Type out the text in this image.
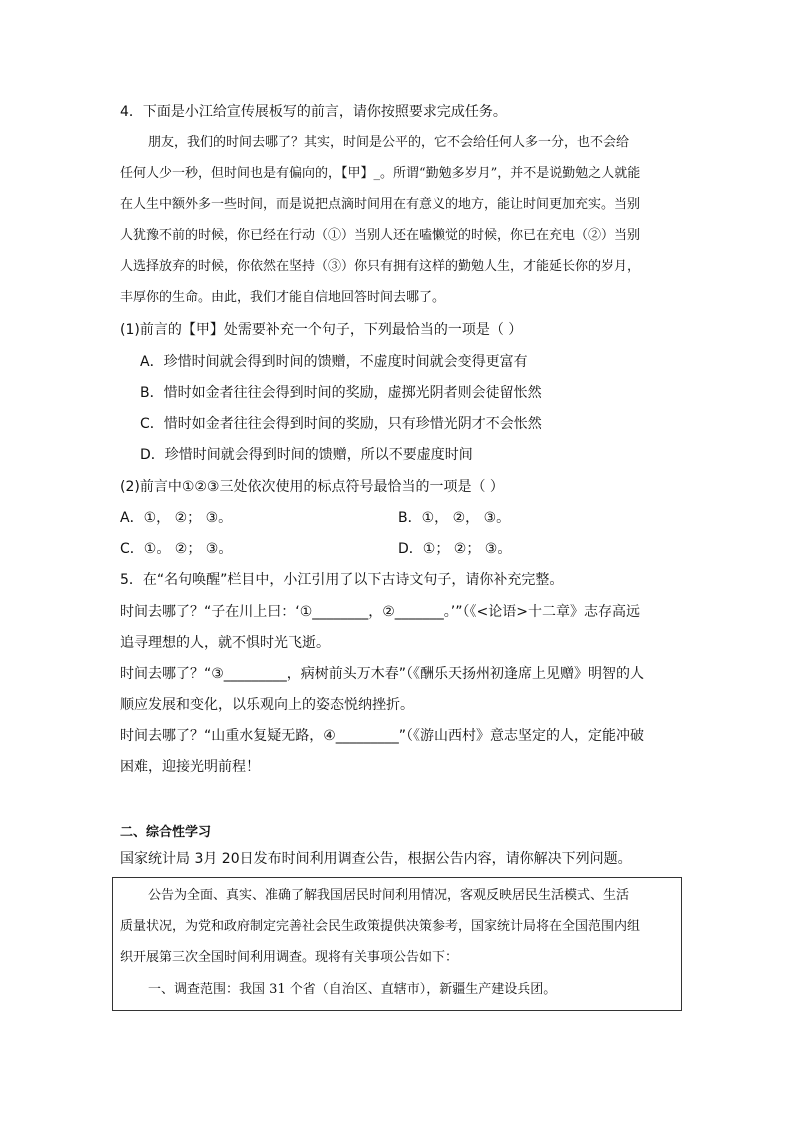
4．下面是小江给宣传展板写的前言，请你按照要求完成任务。
朋友，我们的时间去哪了？其实，时间是公平的，它不会给任何人多一分，也不会给
任何人少一秒，但时间也是有偏向的，【甲】_。所谓“勤勉多岁月”，并不是说勤勉之人就能
在人生中额外多一些时间，而是说把点滴时间用在有意义的地方，能让时间更加充实。当别
人犹豫不前的时候，你已经在行动（①）当别人还在嗑懒觉的时候，你已在充电（②）当别
人选择放弃的时候，你依然在坚持（③）你只有拥有这样的勤勉人生，才能延长你的岁月，
丰厚你的生命。由此，我们才能自信地回答时间去哪了。
(1)前言的【甲】处需要补充一个句子，下列最恰当的一项是（ ）
A．珍惜时间就会得到时间的馈赠，不虚度时间就会变得更富有
B．惜时如金者往往会得到时间的奖励，虚掷光阴者则会徒留怅然
C．惜时如金者往往会得到时间的奖励，只有珍惜光阴才不会怅然
D．珍惜时间就会得到时间的馈赠，所以不要虚度时间
(2)前言中①②③三处依次使用的标点符号最恰当的一项是（ ）
A．①， ②； ③。	B．①， ②， ③。
C．①。 ②； ③。	D．①； ②； ③。
5．在“名句唤醒”栏目中，小江引用了以下古诗文句子，请你补充完整。
时间去哪了？“子在川上曰：‘①________，②_______。’”（《<论语>十二章》志存高远
追寻理想的人，就不惧时光飞逝。
时间去哪了？“③_________，病树前头万木春”（《酬乐天扬州初逢席上见赠》明智的人
顺应发展和变化，以乐观向上的姿态悦纳挫折。
时间去哪了？“山重水复疑无路，④_________”（《游山西村》意志坚定的人，定能冲破
困难，迎接光明前程！
二、综合性学习
国家统计局 3月 20日发布时间利用调查公告，根据公告内容，请你解决下列问题。
公告为全面、真实、准确了解我国居民时间利用情况，客观反映居民生活模式、生活
质量状况，为党和政府制定完善社会民生政策提供决策参考，国家统计局将在全国范围内组
织开展第三次全国时间利用调查。现将有关事项公告如下：
一、调查范围：我国 31 个省（自治区、直辖市），新疆生产建设兵团。
